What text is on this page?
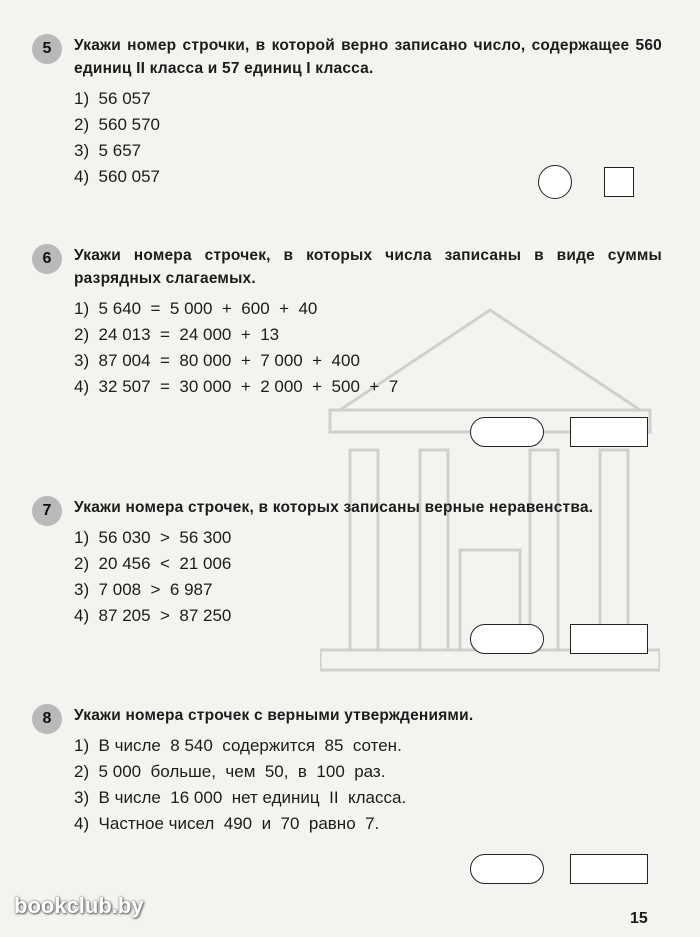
5	Укажи номер строчки, в которой верно записано число, содержащее 560 единиц II класса и 57 единиц I класса.
1)  56 057
2)  560 570
3)  5 657
4)  560 057
6	Укажи номера строчек, в которых числа записаны в виде суммы разрядных слагаемых.
1)  5 640  =  5 000  +  600  +  40
2)  24 013  =  24 000  +  13
3)  87 004  =  80 000  +  7 000  +  400
4)  32 507  =  30 000  +  2 000  +  500  +  7
7	Укажи номера строчек, в которых записаны верные неравенства.
1)  56 030  >  56 300
2)  20 456  <  21 006
3)  7 008  >  6 987
4)  87 205  >  87 250
8	Укажи номера строчек с верными утверждениями.
1)  В числе  8 540  содержится  85  сотен.
2)  5 000  больше,  чем  50,  в  100  раз.
3)  В числе  16 000  нет единиц  II  класса.
4)  Частное чисел  490  и  70  равно  7.
bookclub.by
15
